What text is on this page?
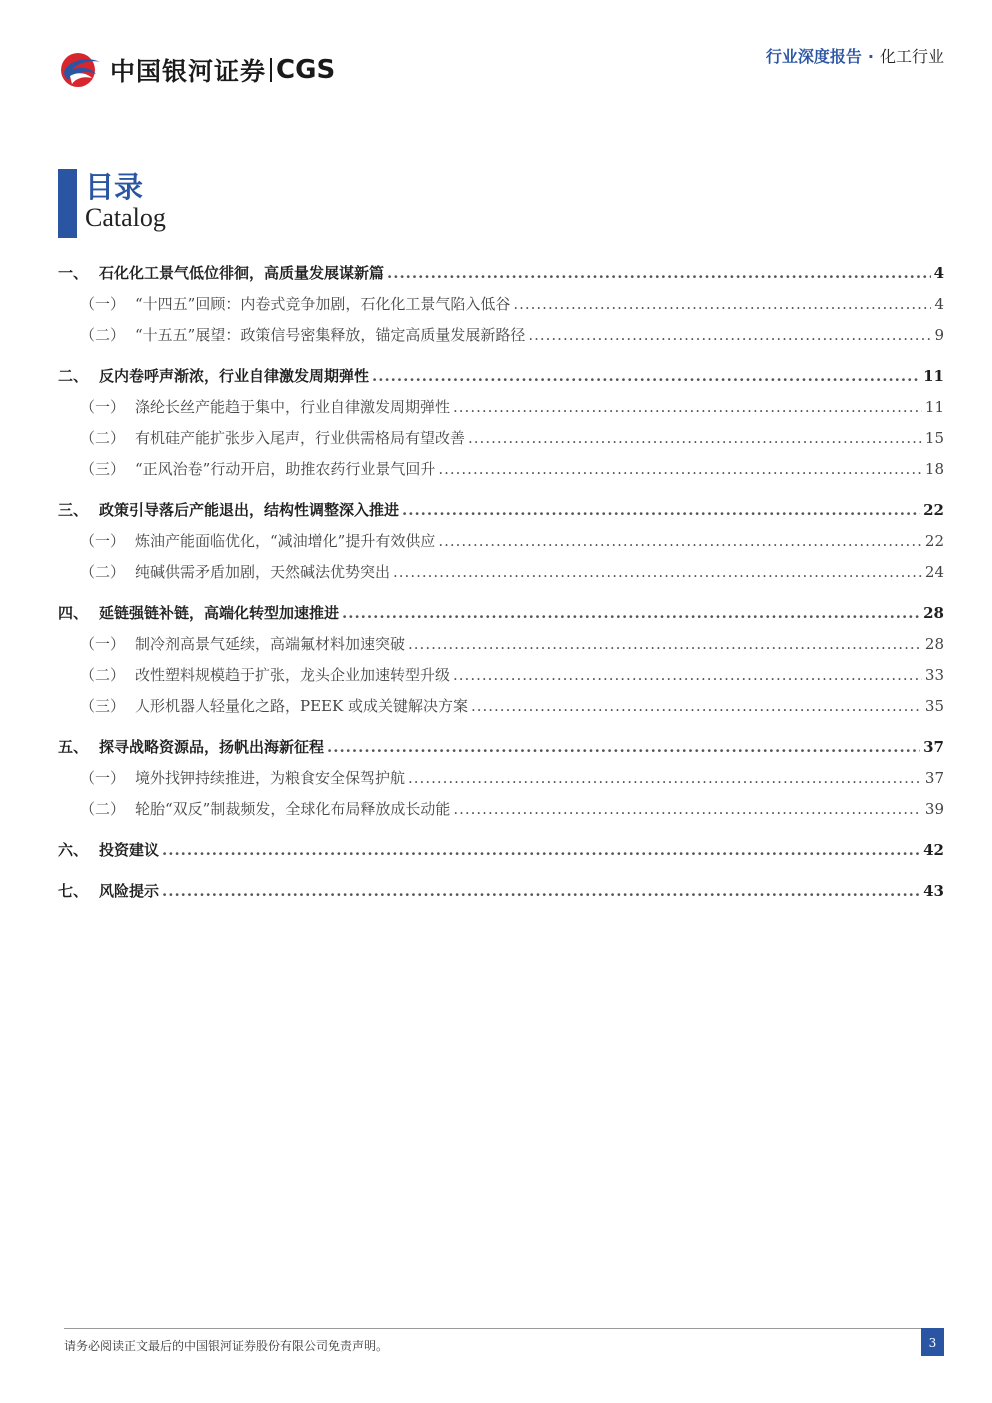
中国银河证券 CGS	行业深度报告 · 化工行业
目录
Catalog
一、 石化化工景气低位徘徊，高质量发展谋新篇 .....	4
（一） “十四五”回顾：内卷式竞争加剧，石化化工景气陷入低谷 .....	4
（二） “十五五”展望：政策信号密集释放，锚定高质量发展新路径 .....	9
二、 反内卷呼声渐浓，行业自律激发周期弹性 .....	11
（一） 涤纶长丝产能趋于集中，行业自律激发周期弹性 .....	11
（二） 有机硅产能扩张步入尾声，行业供需格局有望改善 .....	15
（三） “正风治卷”行动开启，助推农药行业景气回升 .....	18
三、 政策引导落后产能退出，结构性调整深入推进 .....	22
（一） 炼油产能面临优化，“减油增化”提升有效供应 .....	22
（二） 纯碱供需矛盾加剧，天然碱法优势突出 .....	24
四、 延链强链补链，高端化转型加速推进 .....	28
（一） 制冷剂高景气延续，高端氟材料加速突破 .....	28
（二） 改性塑料规模趋于扩张，龙头企业加速转型升级 .....	33
（三） 人形机器人轻量化之路，PEEK 或成关键解决方案 .....	35
五、 探寻战略资源品，扬帆出海新征程 .....	37
（一） 境外找钾持续推进，为粮食安全保驾护航 .....	37
（二） 轮胎“双反”制裁频发，全球化布局释放成长动能 .....	39
六、 投资建议 .....	42
七、 风险提示 .....	43
请务必阅读正文最后的中国银河证券股份有限公司免责声明。	3
